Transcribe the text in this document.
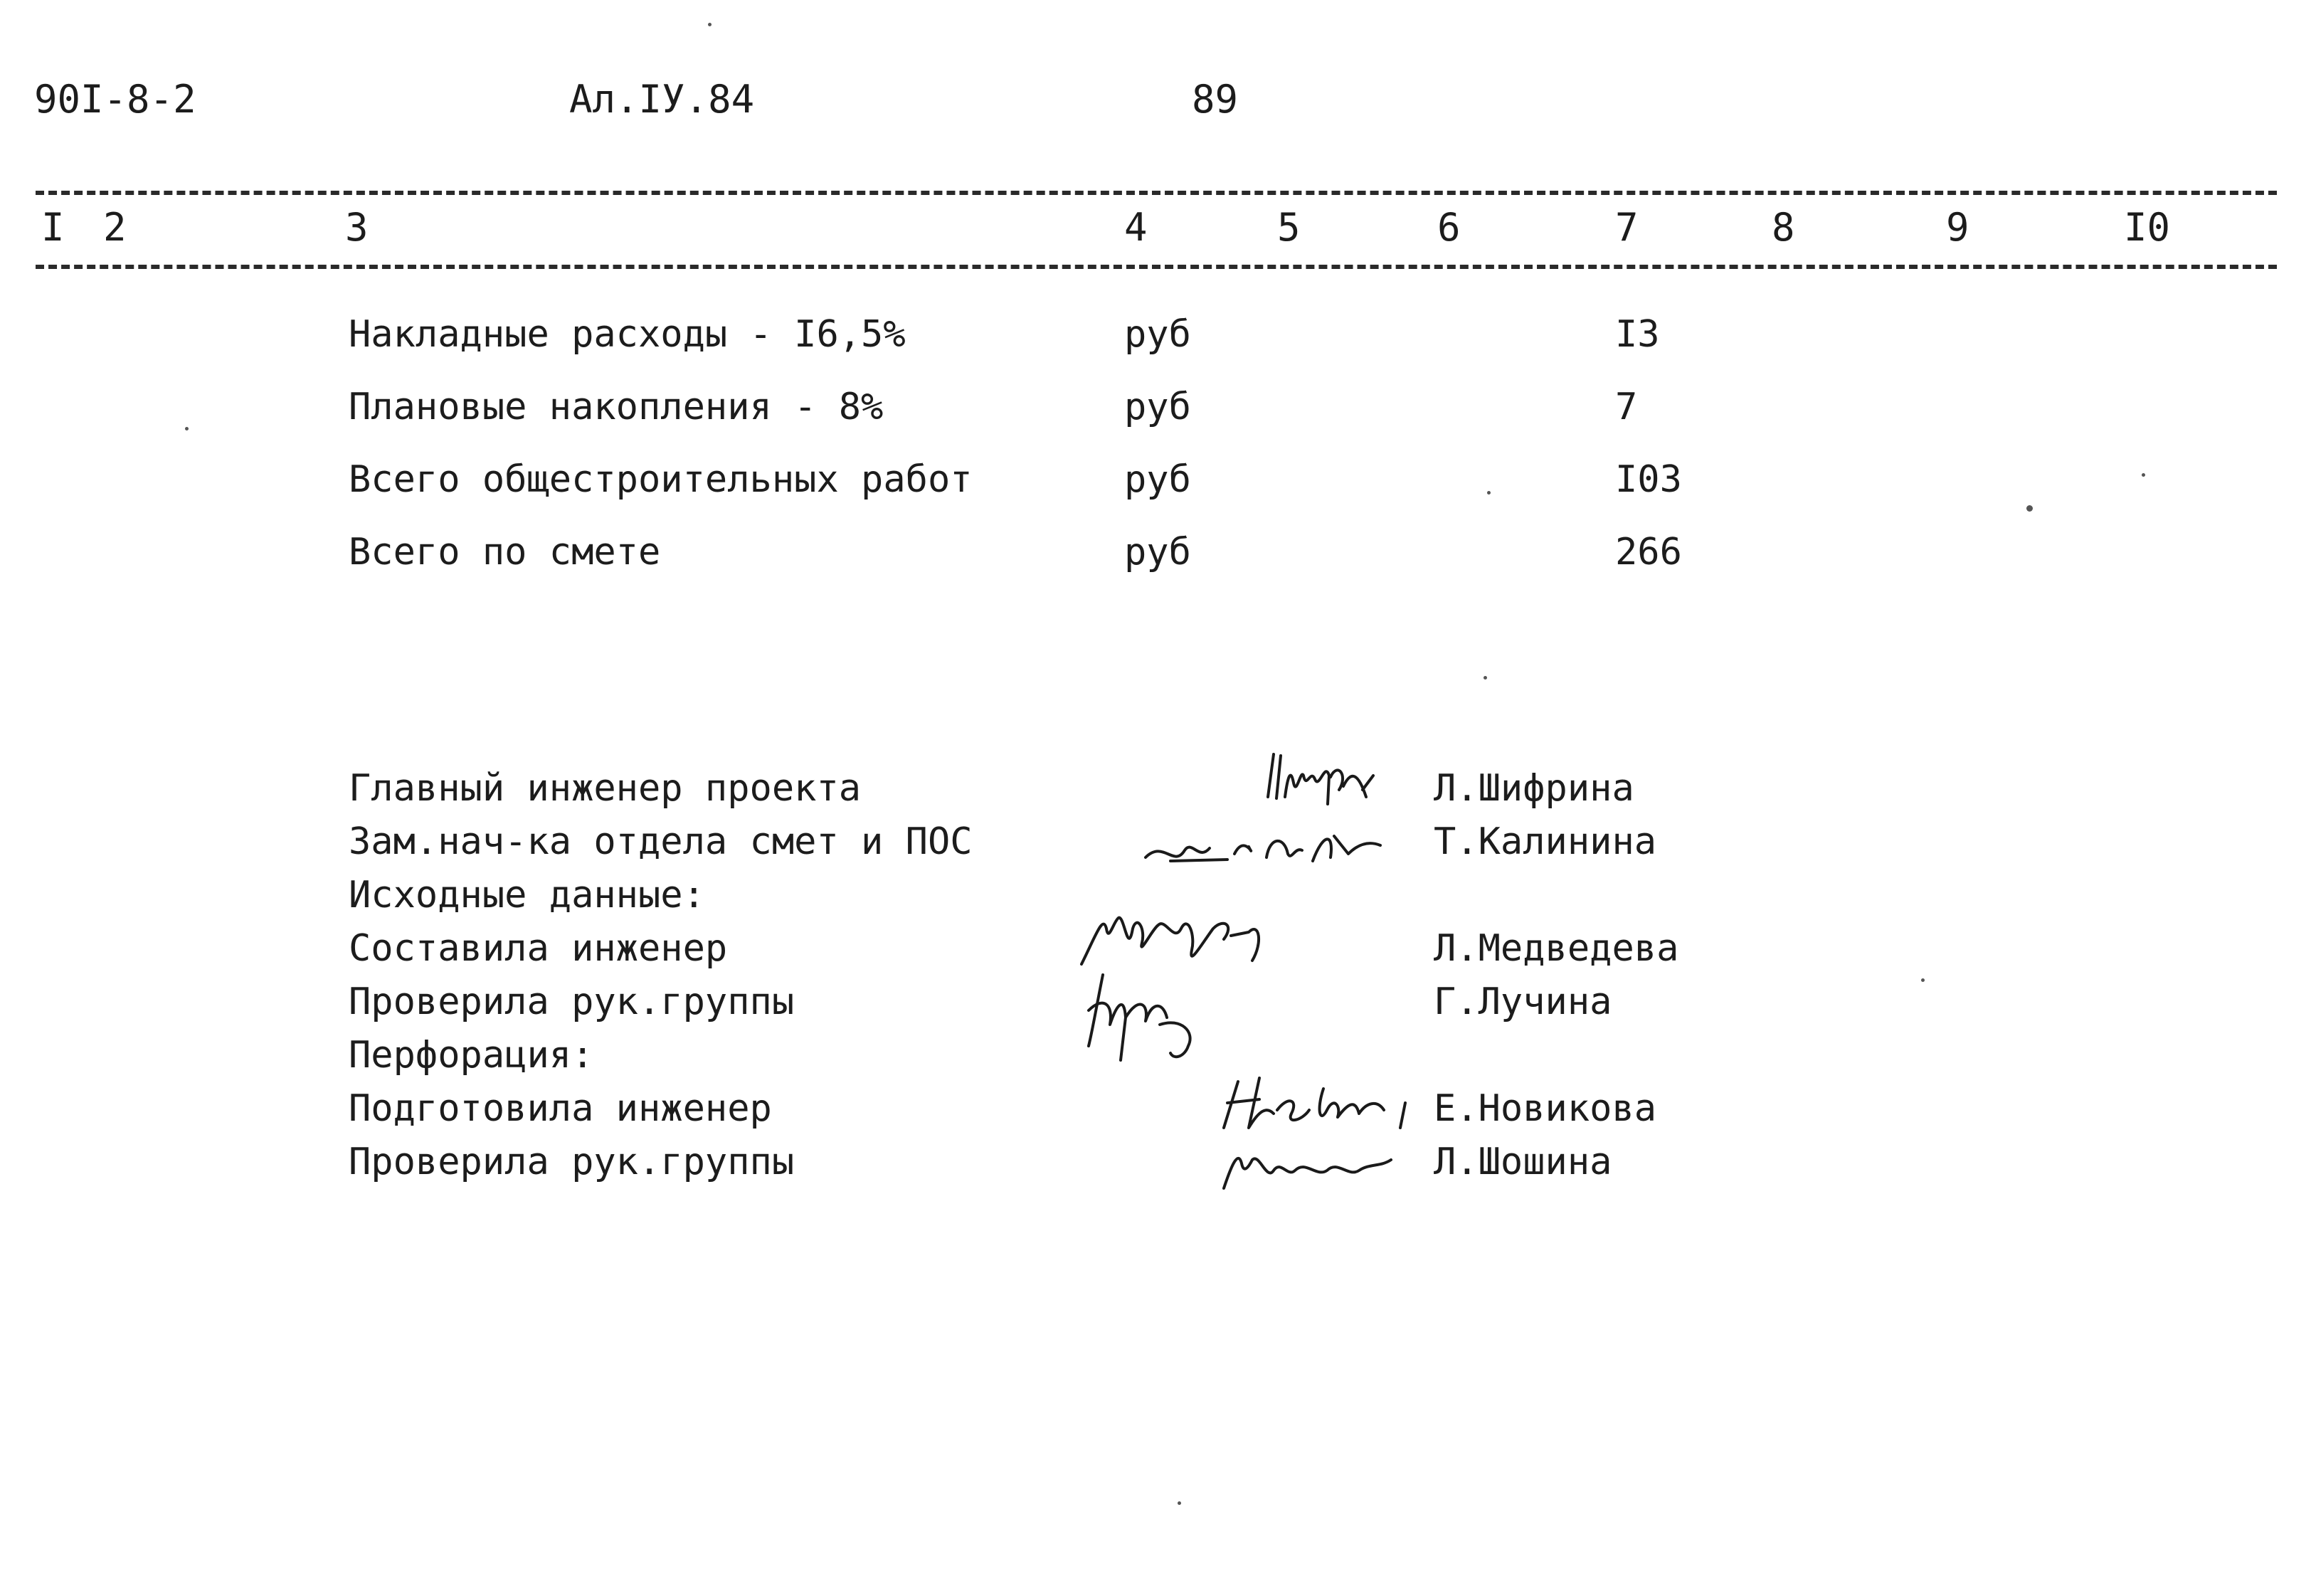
90I-8-2	Ал.IУ.84	89
I 2	3	4	5	6	7	8	9	I0
Накладные расходы - I6,5%	руб	I3
Плановые накопления - 8%	руб	7
Всего общестроительных работ	руб	I03
Всего по смете	руб	266
Главный инженер проекта	Л.Шифрина
Зам.нач-ка отдела смет и ПОС	Т.Калинина
Исходные данные:
Составила инженер	Л.Медведева
Проверила рук.группы	Г.Лучина
Перфорация:
Подготовила инженер	Е.Новикова
Проверила рук.группы	Л.Шошина
